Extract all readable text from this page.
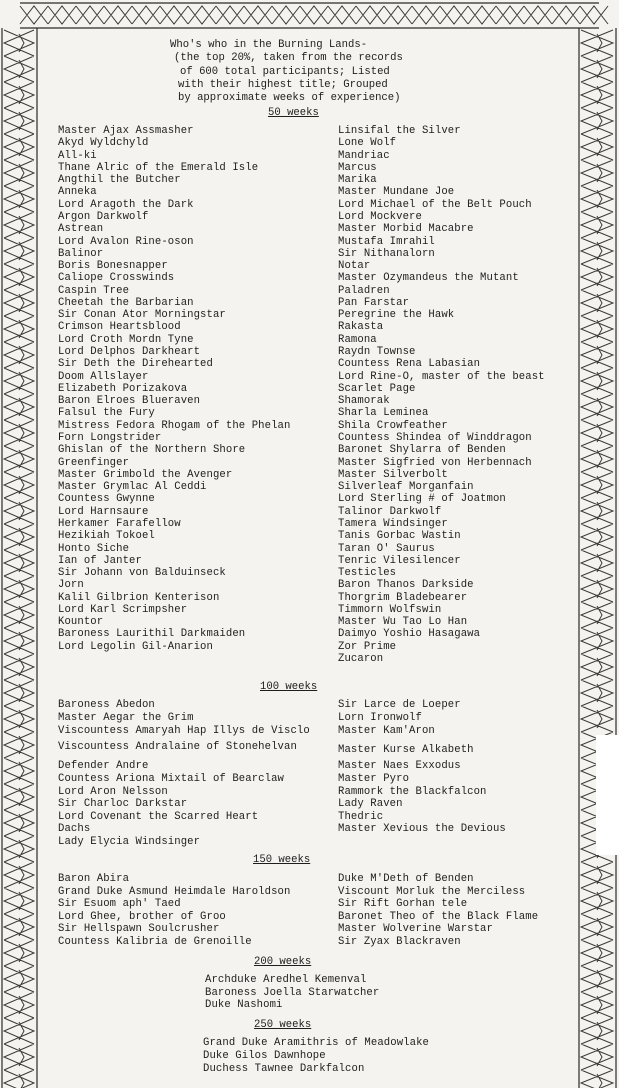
Who's who in the Burning Lands-
(the top 20%, taken from the records
of 600 total participants; Listed
with their highest title; Grouped
by approximate weeks of experience)
50 weeks
Master Ajax Assmasher
Akyd Wyldchyld
All-ki
Thane Alric of the Emerald Isle
Angthil the Butcher
Anneka
Lord Aragoth the Dark
Argon Darkwolf
Astrean
Lord Avalon Rine-oson
Balinor
Boris Bonesnapper
Caliope Crosswinds
Caspin Tree
Cheetah the Barbarian
Sir Conan Ator Morningstar
Crimson Heartsblood
Lord Croth Mordn Tyne
Lord Delphos Darkheart
Sir Deth the Direhearted
Doom Allslayer
Elizabeth Porizakova
Baron Elroes Blueraven
Falsul the Fury
Mistress Fedora Rhogam of the Phelan
Forn Longstrider
Ghislan of the Northern Shore
Greenfinger
Master Grimbold the Avenger
Master Grymlac Al Ceddi
Countess Gwynne
Lord Harnsaure
Herkamer Farafellow
Hezikiah Tokoel
Honto Siche
Ian of Janter
Sir Johann von Balduinseck
Jorn
Kalil Gilbrion Kenterison
Lord Karl Scrimpsher
Kountor
Baroness Laurithil Darkmaiden
Lord Legolin Gil-Anarion
Linsifal the Silver
Lone Wolf
Mandriac
Marcus
Marika
Master Mundane Joe
Lord Michael of the Belt Pouch
Lord Mockvere
Master Morbid Macabre
Mustafa Imrahil
Sir Nithanalorn
Notar
Master Ozymandeus the Mutant
Paladren
Pan Farstar
Peregrine the Hawk
Rakasta
Ramona
Raydn Townse
Countess Rena Labasian
Lord Rine-O, master of the beast
Scarlet Page
Shamorak
Sharla Leminea
Shila Crowfeather
Countess Shindea of Winddragon
Baronet Shylarra of Benden
Master Sigfried von Herbennach
Master Silverbolt
Silverleaf Morganfain
Lord Sterling # of Joatmon
Talinor Darkwolf
Tamera Windsinger
Tanis Gorbac Wastin
Taran O' Saurus
Tenric Vilesilencer
Testicles
Baron Thanos Darkside
Thorgrim Bladebearer
Timmorn Wolfswin
Master Wu Tao Lo Han
Daimyo Yoshio Hasagawa
Zor Prime
Zucaron
100 weeks
Baroness Abedon
Master Aegar the Grim
Viscountess Amaryah Hap Illys de Visclo
Viscountess Andralaine of Stonehelvan
Defender Andre
Countess Ariona Mixtail of Bearclaw
Lord Aron Nelsson
Sir Charloc Darkstar
Lord Covenant the Scarred Heart
Dachs
Lady Elycia Windsinger
Sir Larce de Loeper
Lorn Ironwolf
Master Kam'Aron
Master Kurse Alkabeth
Master Naes Exxodus
Master Pyro
Rammork the Blackfalcon
Lady Raven
Thedric
Master Xevious the Devious
150 weeks
Baron Abira
Grand Duke Asmund Heimdale Haroldson
Sir Esuom aph' Taed
Lord Ghee, brother of Groo
Sir Hellspawn Soulcrusher
Countess Kalibria de Grenoille
Duke M'Deth of Benden
Viscount Morluk the Merciless
Sir Rift Gorhan tele
Baronet Theo of the Black Flame
Master Wolverine Warstar
Sir Zyax Blackraven
200 weeks
Archduke Aredhel Kemenval
Baroness Joella Starwatcher
Duke Nashomi
250 weeks
Grand Duke Aramithris of Meadowlake
Duke Gilos Dawnhope
Duchess Tawnee Darkfalcon
